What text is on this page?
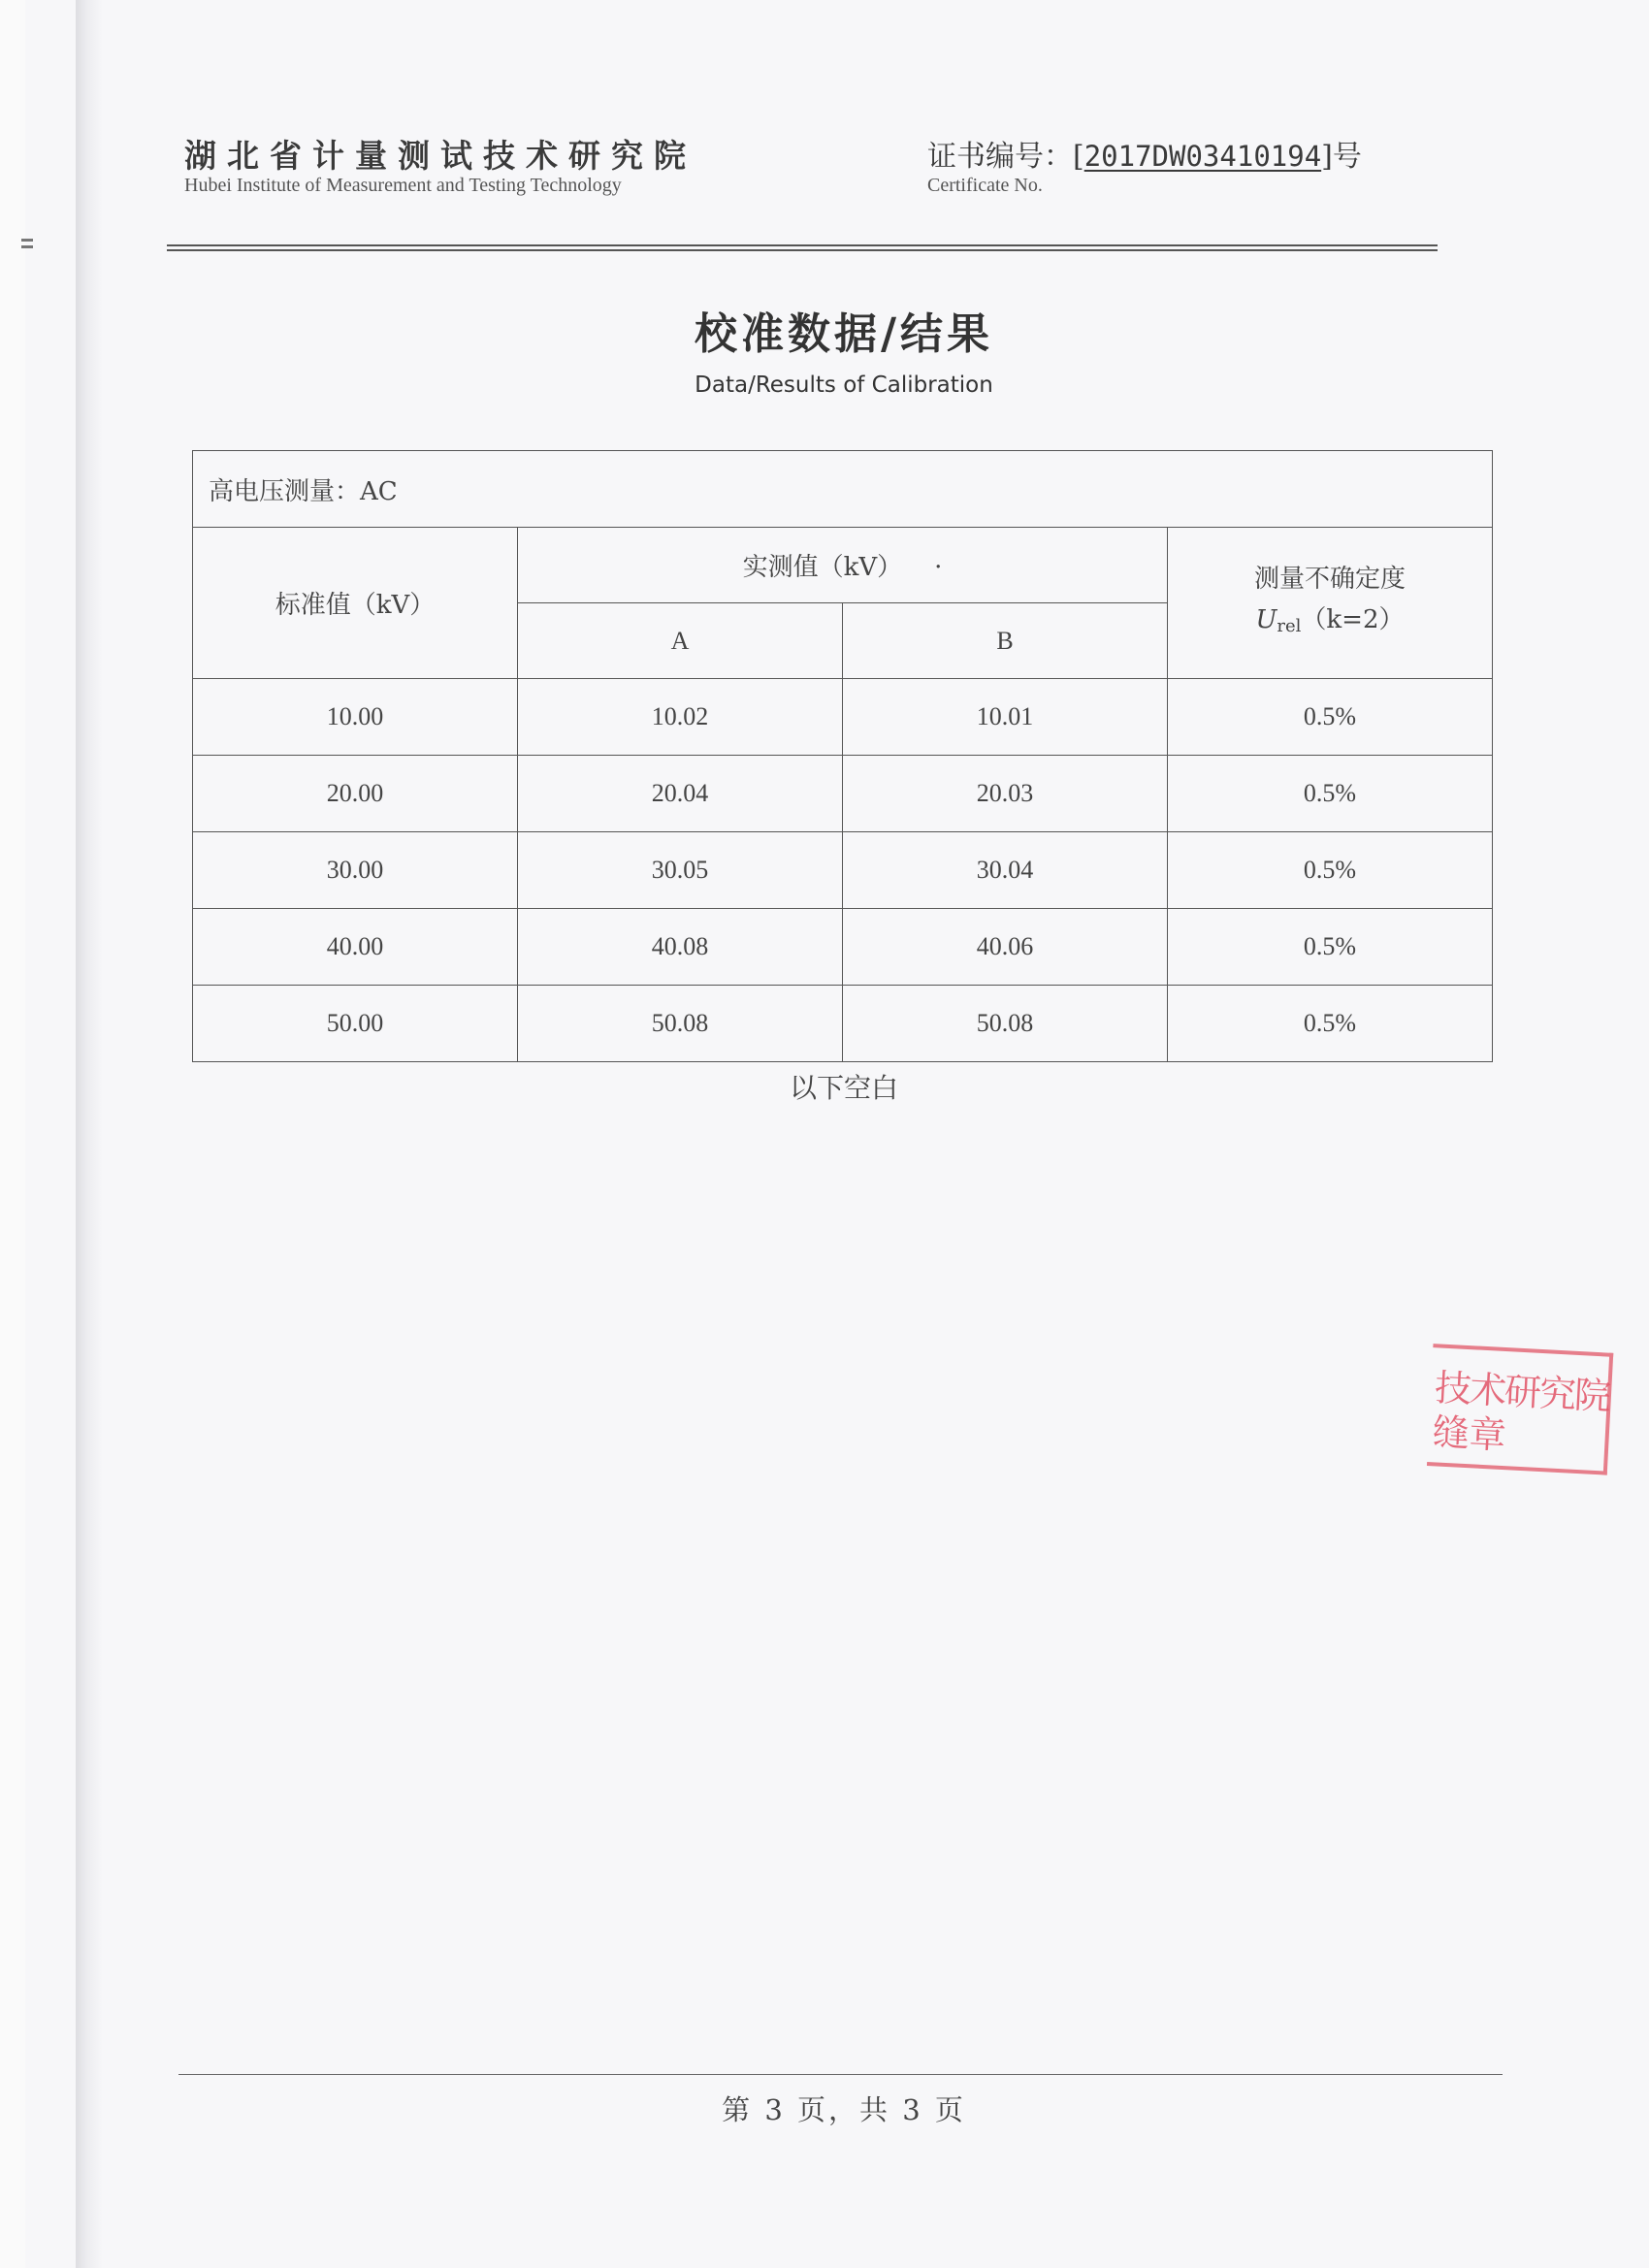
湖北省计量测试技术研究院
Hubei Institute of Measurement and Testing Technology
证书编号：[2017DW03410194]号
Certificate No.
校准数据/结果
Data/Results of Calibration
高电压测量：AC			
标准值（kV）	实测值（kV） ·		测量不确定度
Urel（k=2）

	A	B	
10.00	10.02	10.01	0.5%
20.00	20.04	20.03	0.5%
30.00	30.05	30.04	0.5%
40.00	40.08	40.06	0.5%
50.00	50.08	50.08	0.5%
以下空白
技术研究院
缝章
第 3 页，共 3 页
